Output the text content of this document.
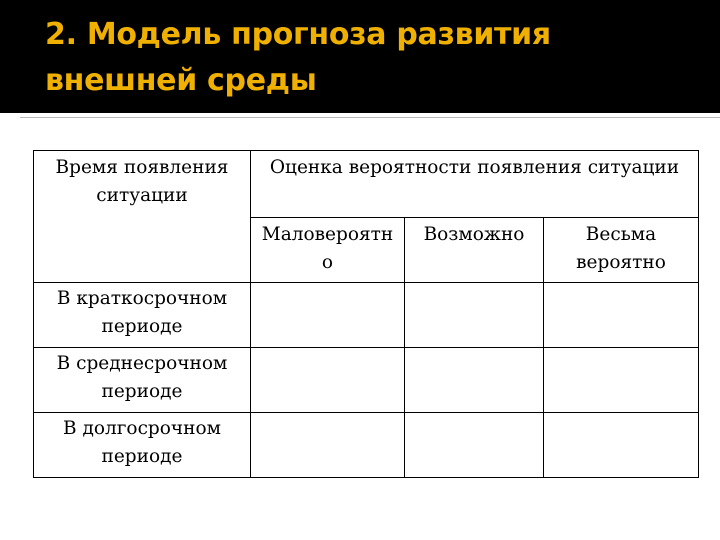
2. Модель прогноза развития
внешней среды
Время появления ситуации	Оценка вероятности появления ситуации		
	Маловероятн о	Возможно	Весьма вероятно
В краткосрочном периоде			
В среднесрочном периоде			
В долгосрочном периоде			
